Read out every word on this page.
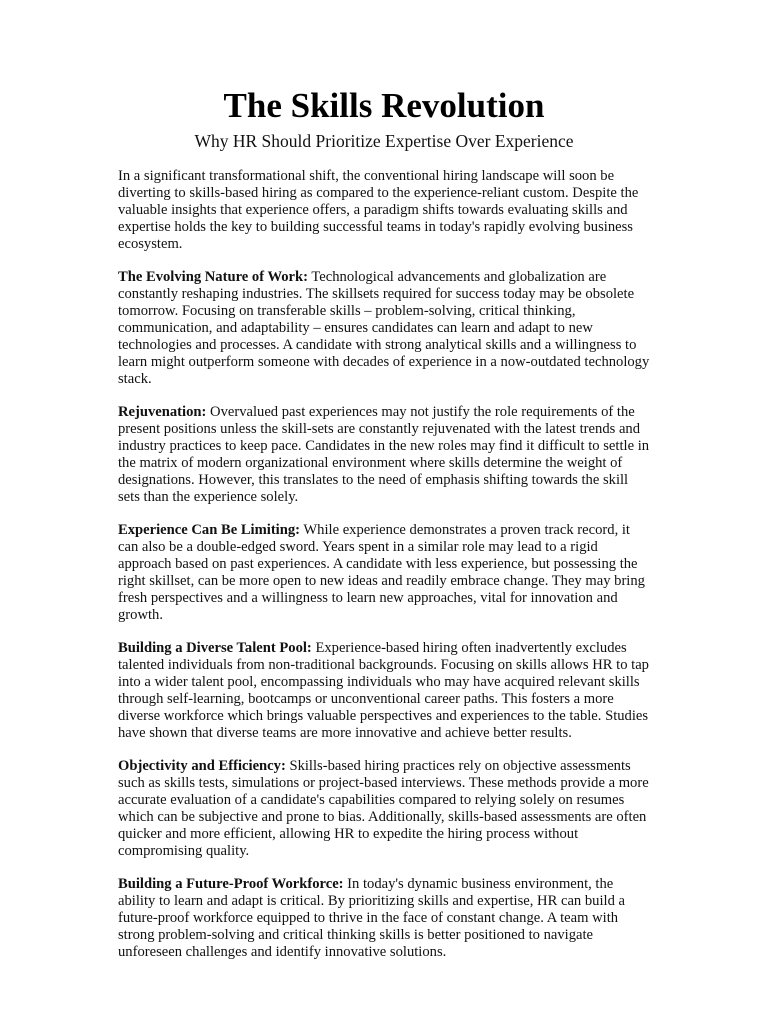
The Skills Revolution
Why HR Should Prioritize Expertise Over Experience

In a significant transformational shift, the conventional hiring landscape will soon be diverting to skills-based hiring as compared to the experience-reliant custom. Despite the valuable insights that experience offers, a paradigm shifts towards evaluating skills and expertise holds the key to building successful teams in today's rapidly evolving business ecosystem.

The Evolving Nature of Work: Technological advancements and globalization are constantly reshaping industries. The skillsets required for success today may be obsolete tomorrow. Focusing on transferable skills – problem-solving, critical thinking, communication, and adaptability – ensures candidates can learn and adapt to new technologies and processes. A candidate with strong analytical skills and a willingness to learn might outperform someone with decades of experience in a now-outdated technology stack.

Rejuvenation: Overvalued past experiences may not justify the role requirements of the present positions unless the skill-sets are constantly rejuvenated with the latest trends and industry practices to keep pace. Candidates in the new roles may find it difficult to settle in the matrix of modern organizational environment where skills determine the weight of designations. However, this translates to the need of emphasis shifting towards the skill sets than the experience solely.

Experience Can Be Limiting: While experience demonstrates a proven track record, it can also be a double-edged sword. Years spent in a similar role may lead to a rigid approach based on past experiences. A candidate with less experience, but possessing the right skillset, can be more open to new ideas and readily embrace change. They may bring fresh perspectives and a willingness to learn new approaches, vital for innovation and growth.

Building a Diverse Talent Pool: Experience-based hiring often inadvertently excludes talented individuals from non-traditional backgrounds. Focusing on skills allows HR to tap into a wider talent pool, encompassing individuals who may have acquired relevant skills through self-learning, bootcamps or unconventional career paths. This fosters a more diverse workforce which brings valuable perspectives and experiences to the table. Studies have shown that diverse teams are more innovative and achieve better results.

Objectivity and Efficiency: Skills-based hiring practices rely on objective assessments such as skills tests, simulations or project-based interviews. These methods provide a more accurate evaluation of a candidate's capabilities compared to relying solely on resumes which can be subjective and prone to bias. Additionally, skills-based assessments are often quicker and more efficient, allowing HR to expedite the hiring process without compromising quality.

Building a Future-Proof Workforce: In today's dynamic business environment, the ability to learn and adapt is critical. By prioritizing skills and expertise, HR can build a future-proof workforce equipped to thrive in the face of constant change. A team with strong problem-solving and critical thinking skills is better positioned to navigate unforeseen challenges and identify innovative solutions.
